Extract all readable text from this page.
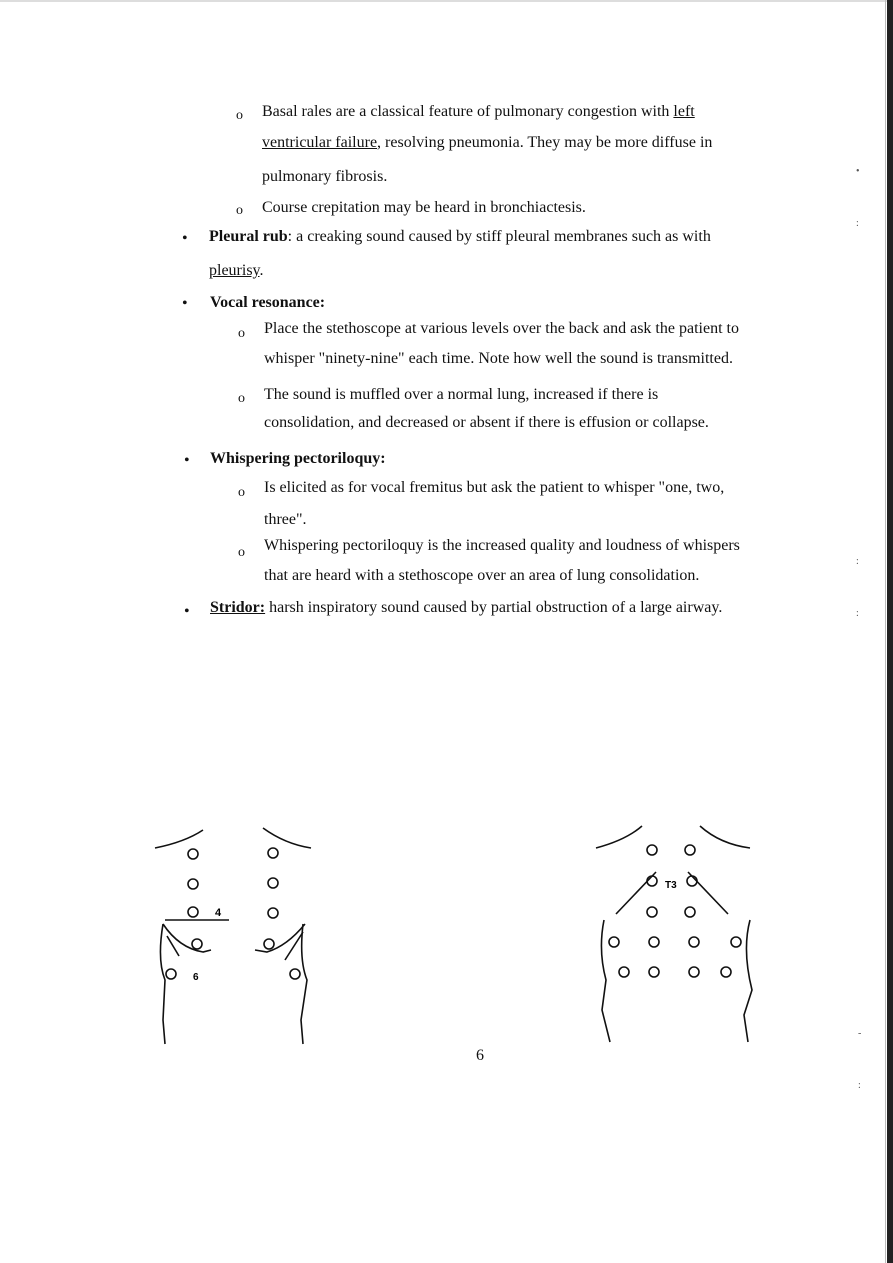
o Basal rales are a classical feature of pulmonary congestion with left
ventricular failure, resolving pneumonia. They may be more diffuse in
pulmonary fibrosis.
o Course crepitation may be heard in bronchiactesis.
• Pleural rub: a creaking sound caused by stiff pleural membranes such as with
pleurisy.
• Vocal resonance:
o Place the stethoscope at various levels over the back and ask the patient to
whisper "ninety-nine" each time. Note how well the sound is transmitted.
o The sound is muffled over a normal lung, increased if there is
consolidation, and decreased or absent if there is effusion or collapse.
• Whispering pectoriloquy:
o Is elicited as for vocal fremitus but ask the patient to whisper "one, two,
three".
o Whispering pectoriloquy is the increased quality and loudness of whispers
that are heard with a stethoscope over an area of lung consolidation.
• Stridor: harsh inspiratory sound caused by partial obstruction of a large airway.
•
:
:
:
-
:
4
6
T3
6
